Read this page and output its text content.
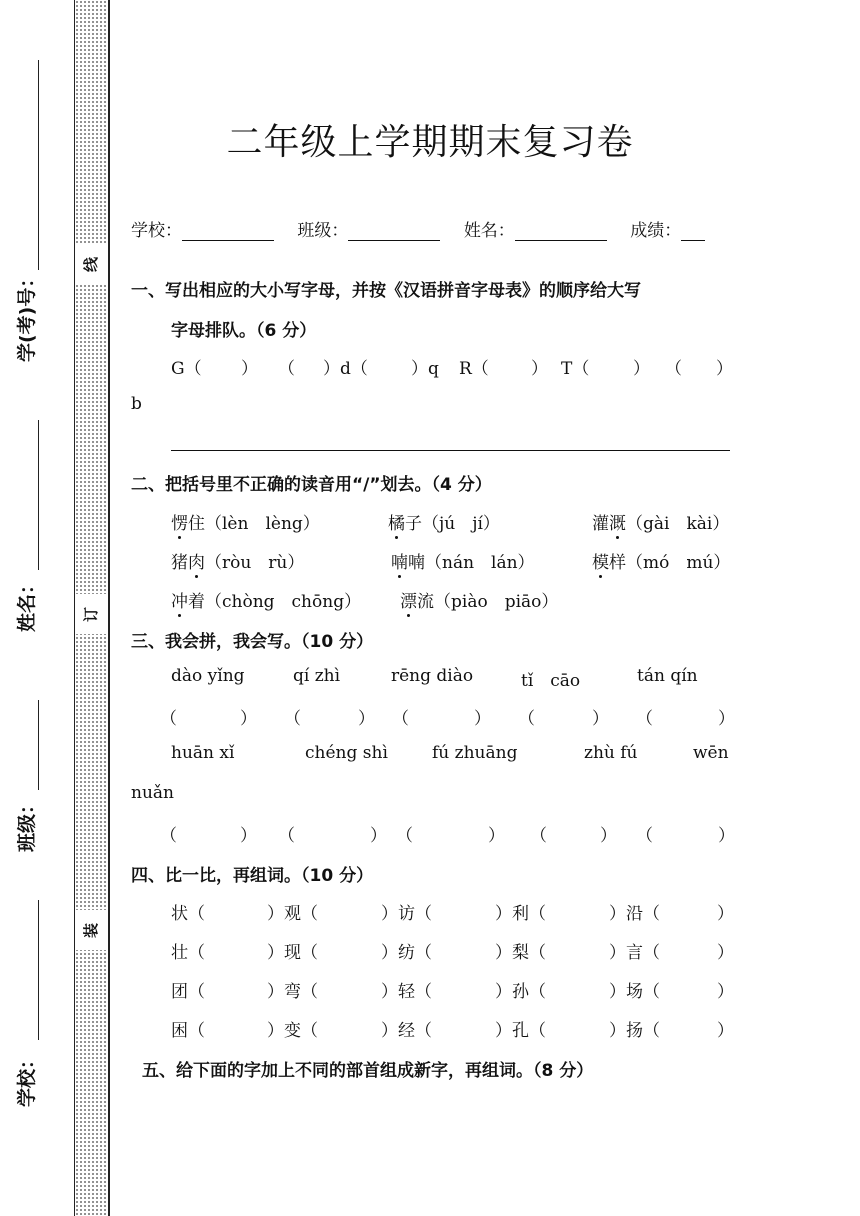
学(考)号：
姓名：
班级：
学校：
线
订
装
二年级上学期期末复习卷
学校：	班级：	姓名：	成绩：
一、写出相应的大小写字母，并按《汉语拼音字母表》的顺序给大写
字母排队。（6 分）
G（ ） （ ）d（	）q R（ ） T（	） （ ）
b
二、把括号里不正确的读音用“/”划去。（4 分）
愣住（lèn　lèng）	橘子（jú　jí）	灌溉（gài　kài）
猪肉（ròu　rù）	喃喃（nán　lán）	模样（mó　mú）
冲着（chòng　chōng） 漂流（piào　piāo）
三、我会拼，我会写。（10 分）
dào yǐng	qí zhì	rēng diào	tǐ　cāo	tán qín
（	） （	） （	） （	） （	）
huān xǐ	chéng shì	fú zhuāng	zhù fú	wēn
nuǎn
（	） （	） （	） （	） （	）
四、比一比，再组词。（10 分）
状（	）观（	）访（	）利（	）沿（	）
壮（	）现（	）纺（	）梨（	）言（	）
团（	）弯（	）轻（	）孙（	）场（	）
困（	）变（	）经（	）孔（	）扬（	）
五、给下面的字加上不同的部首组成新字，再组词。（8 分）
